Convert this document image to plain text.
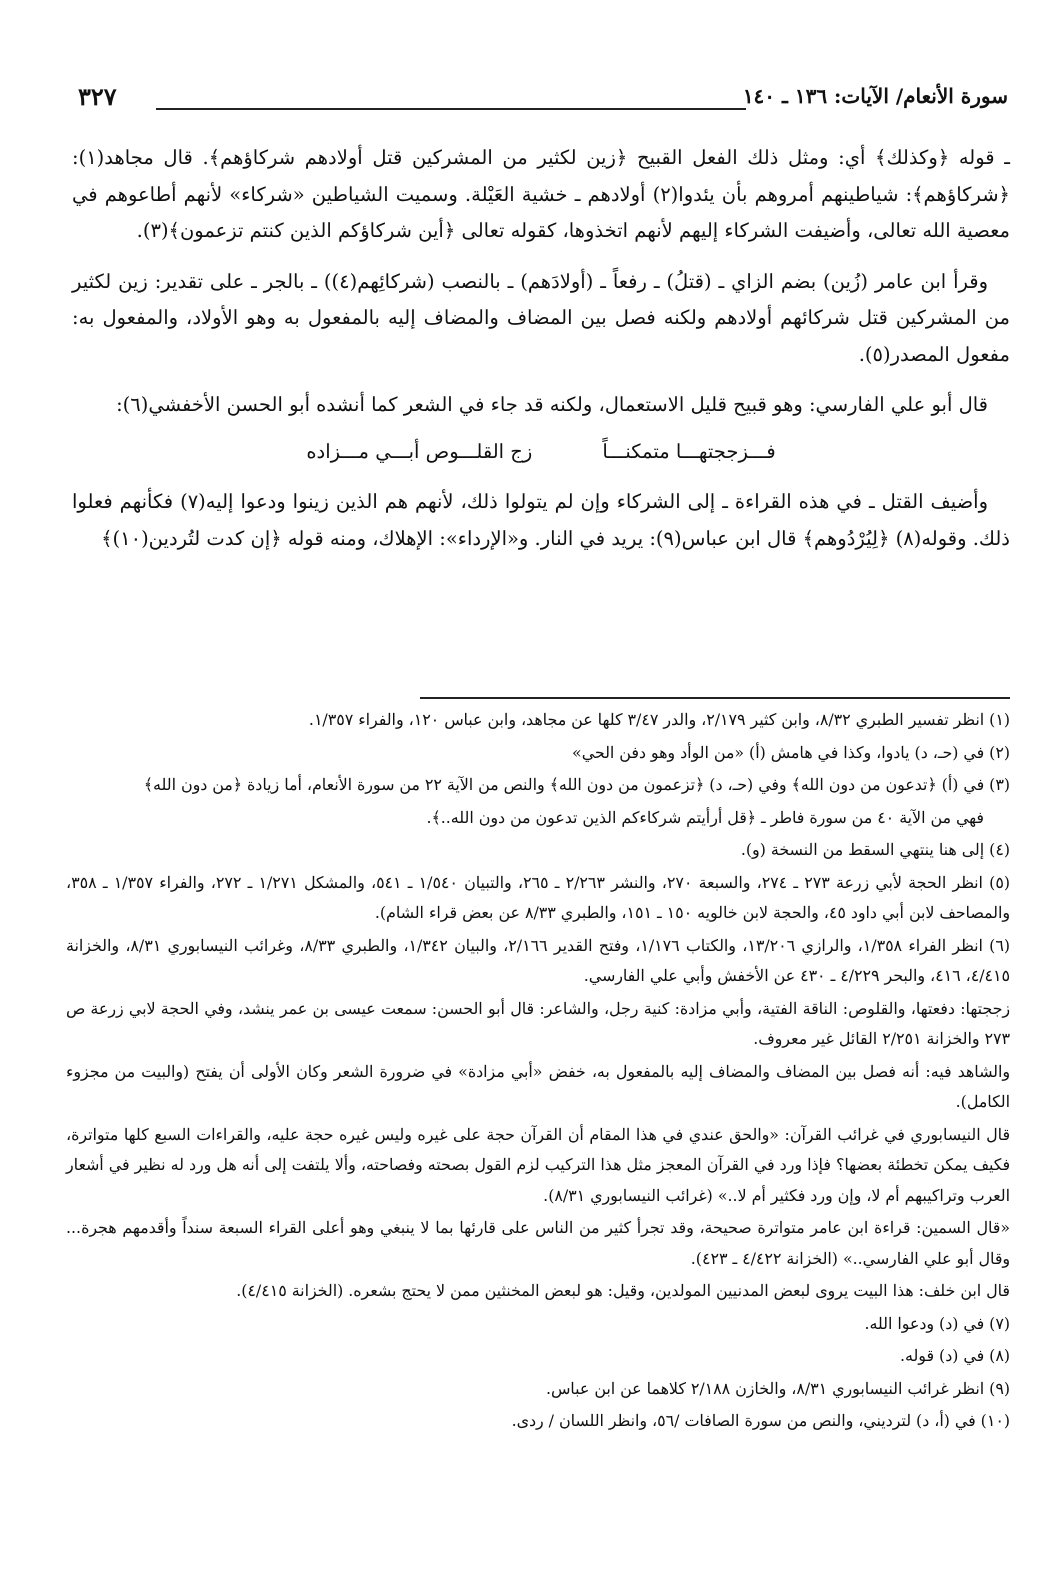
سورة الأنعام/ الآيات: ١٣٦ ـ ١٤٠
٣٢٧

ـ قوله ﴿وكذلك﴾ أي: ومثل ذلك الفعل القبيح ﴿زين لكثير من المشركين قتل أولادهم شركاؤهم﴾. قال مجاهد(١): ﴿شركاؤهم﴾: شياطينهم أمروهم بأن يئدوا(٢) أولادهم ـ خشية العَيْلة. وسميت الشياطين «شركاء» لأنهم أطاعوهم في معصية الله تعالى، وأضيفت الشركاء إليهم لأنهم اتخذوها، كقوله تعالى ﴿أين شركاؤكم الذين كنتم تزعمون﴾(٣).

وقرأ ابن عامر (زُين) بضم الزاي ـ (قتلُ) ـ رفعاً ـ (أولادَهم) ـ بالنصب (شركائِهم(٤)) ـ بالجر ـ على تقدير: زين لكثير من المشركين قتل شركائهم أولادهم ولكنه فصل بين المضاف والمضاف إليه بالمفعول به وهو الأولاد، والمفعول به: مفعول المصدر(٥).

قال أبو علي الفارسي: وهو قبيح قليل الاستعمال، ولكنه قد جاء في الشعر كما أنشده أبو الحسن الأخفشي(٦):

فـــزججتهـــا متمكنـــاً
زج القلـــوص أبـــي مـــزاده

وأضيف القتل ـ في هذه القراءة ـ إلى الشركاء وإن لم يتولوا ذلك، لأنهم هم الذين زينوا ودعوا إليه(٧) فكأنهم فعلوا ذلك. وقوله(٨) ﴿لِيُرْدُوهم﴾ قال ابن عباس(٩): يريد في النار. و«الإرداء»: الإهلاك، ومنه قوله ﴿إن كدت لتُردين(١٠)﴾

(١) انظر تفسير الطبري ٨/٣٢، وابن كثير ٢/١٧٩، والدر ٣/٤٧ كلها عن مجاهد، وابن عباس ١٢٠، والفراء ١/٣٥٧.

(٢) في (حـ، د) يادوا، وكذا في هامش (أ) «من الوأد وهو دفن الحي»

(٣) في (أ) ﴿تدعون من دون الله﴾ وفي (حـ، د) ﴿تزعمون من دون الله﴾ والنص من الآية ٢٢ من سورة الأنعام، أما زيادة ﴿من دون الله﴾

فهي من الآية ٤٠ من سورة فاطر ـ ﴿قل أرأيتم شركاءكم الذين تدعون من دون الله..﴾.

(٤) إلى هنا ينتهي السقط من النسخة (و).

(٥) انظر الحجة لأبي زرعة ٢٧٣ ـ ٢٧٤، والسبعة ٢٧٠، والنشر ٢/٢٦٣ ـ ٢٦٥، والتبيان ١/٥٤٠ ـ ٥٤١، والمشكل ١/٢٧١ ـ ٢٧٢، والفراء ١/٣٥٧ ـ ٣٥٨، والمصاحف لابن أبي داود ٤٥، والحجة لابن خالويه ١٥٠ ـ ١٥١، والطبري ٨/٣٣ عن بعض قراء الشام).

(٦) انظر الفراء ١/٣٥٨، والرازي ١٣/٢٠٦، والكتاب ١/١٧٦، وفتح القدير ٢/١٦٦، والبيان ١/٣٤٢، والطبري ٨/٣٣، وغرائب النيسابوري ٨/٣١، والخزانة ٤/٤١٥، ٤١٦، والبحر ٤/٢٢٩ ـ ٤٣٠ عن الأخفش وأبي علي الفارسي.

زججتها: دفعتها، والقلوص: الناقة الفتية، وأبي مزادة: كنية رجل، والشاعر: قال أبو الحسن: سمعت عيسى بن عمر ينشد، وفي الحجة لابي زرعة ص ٢٧٣ والخزانة ٢/٢٥١ القائل غير معروف.

والشاهد فيه: أنه فصل بين المضاف والمضاف إليه بالمفعول به، خفض «أبي مزادة» في ضرورة الشعر وكان الأولى أن يفتح (والبيت من مجزوء الكامل).

قال النيسابوري في غرائب القرآن: «والحق عندي في هذا المقام أن القرآن حجة على غيره وليس غيره حجة عليه، والقراءات السبع كلها متواترة، فكيف يمكن تخطئة بعضها؟ فإذا ورد في القرآن المعجز مثل هذا التركيب لزم القول بصحته وفصاحته، وألا يلتفت إلى أنه هل ورد له نظير في أشعار العرب وتراكيبهم أم لا، وإن ورد فكثير أم لا..» (غرائب النيسابوري ٨/٣١).

«قال السمين: قراءة ابن عامر متواترة صحيحة، وقد تجرأ كثير من الناس على قارئها بما لا ينبغي وهو أعلى القراء السبعة سنداً وأقدمهم هجرة... وقال أبو علي الفارسي..» (الخزانة ٤/٤٢٢ ـ ٤٢٣).

قال ابن خلف: هذا البيت يروى لبعض المدنيين المولدين، وقيل: هو لبعض المخنثين ممن لا يحتج بشعره. (الخزانة ٤/٤١٥).

(٧) في (د) ودعوا الله.

(٨) في (د) قوله.

(٩) انظر غرائب النيسابوري ٨/٣١، والخازن ٢/١٨٨ كلاهما عن ابن عباس.

(١٠) في (أ، د) لترديني، والنص من سورة الصافات /٥٦، وانظر اللسان / ردى.
